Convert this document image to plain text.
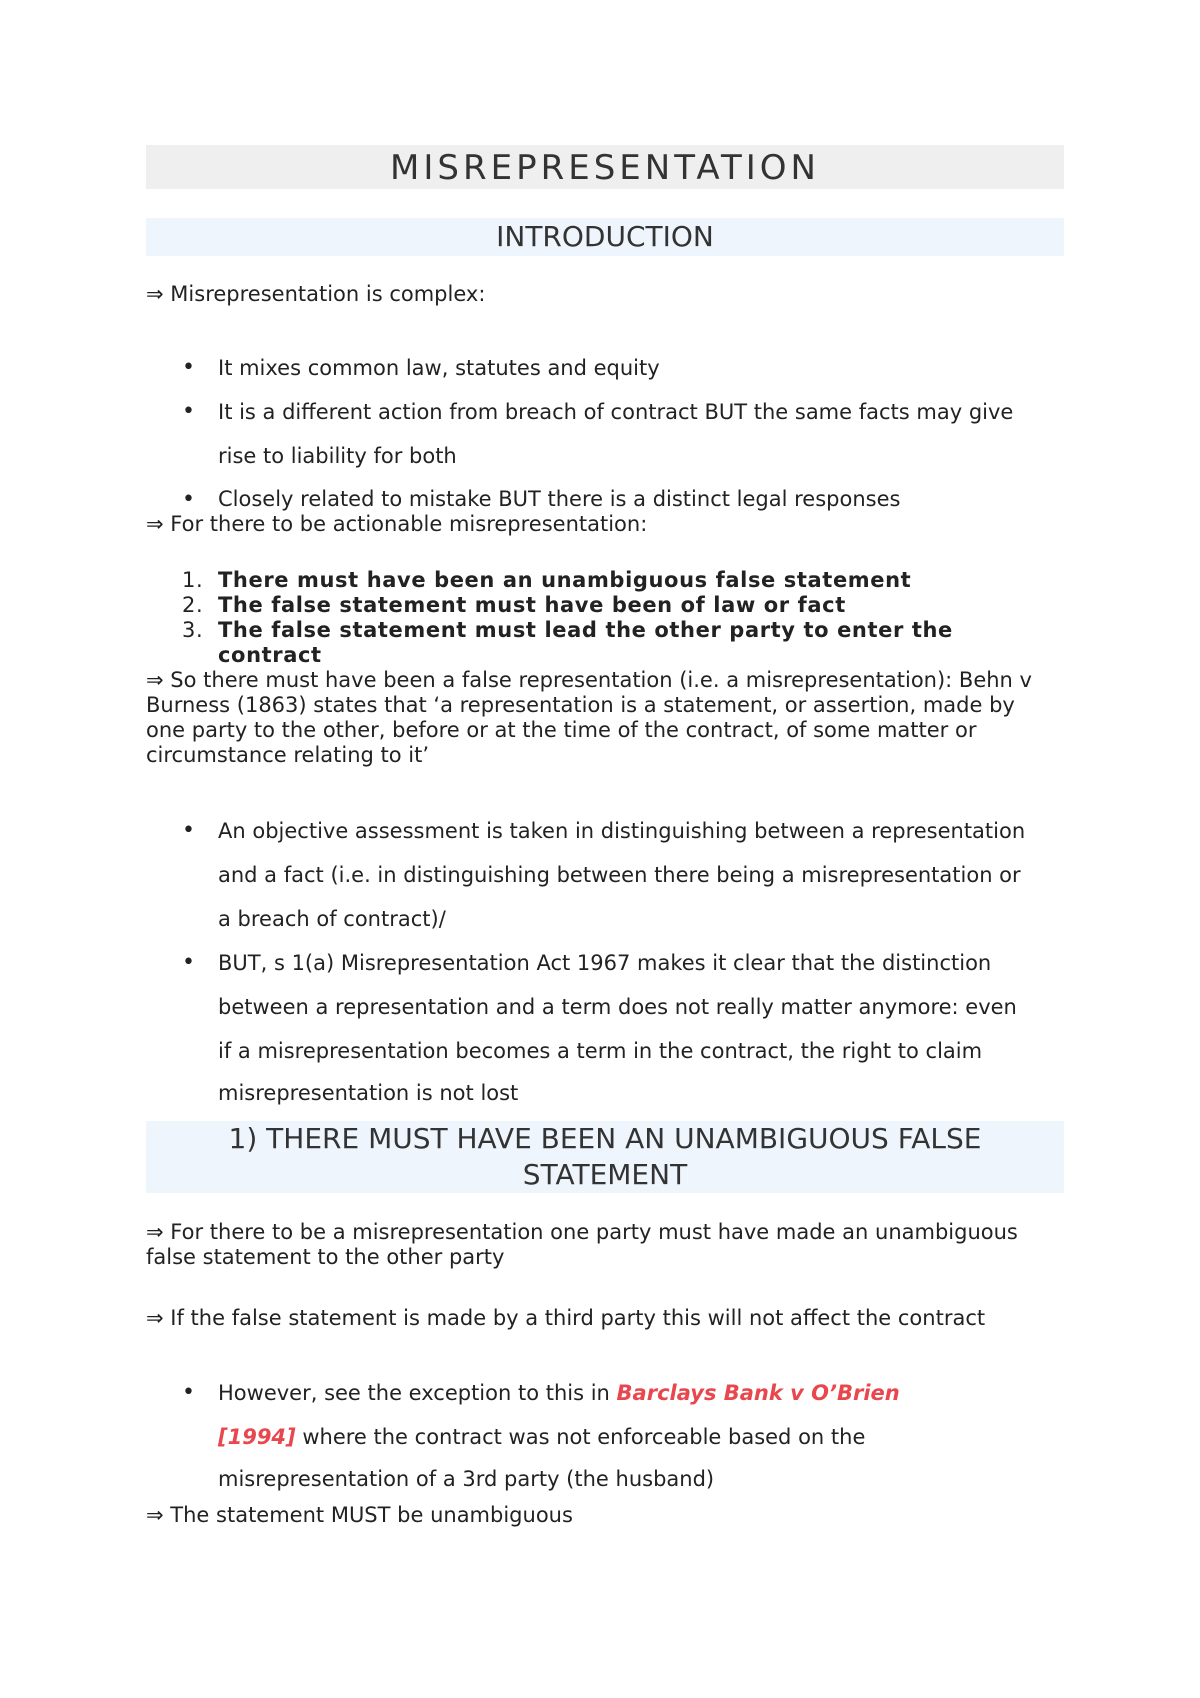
MISREPRESENTATION
INTRODUCTION

⇒ Misrepresentation is complex:

• It mixes common law, statutes and equity
• It is a different action from breach of contract BUT the same facts may give
rise to liability for both
• Closely related to mistake BUT there is a distinct legal responses

⇒ For there to be actionable misrepresentation:

1. There must have been an unambiguous false statement
2. The false statement must have been of law or fact
3. The false statement must lead the other party to enter the contract

⇒ So there must have been a false representation (i.e. a misrepresentation): Behn v
Burness (1863) states that ‘a representation is a statement, or assertion, made by
one party to the other, before or at the time of the contract, of some matter or
circumstance relating to it’

• An objective assessment is taken in distinguishing between a representation
and a fact (i.e. in distinguishing between there being a misrepresentation or
a breach of contract)/
• BUT, s 1(a) Misrepresentation Act 1967 makes it clear that the distinction
between a representation and a term does not really matter anymore: even
if a misrepresentation becomes a term in the contract, the right to claim
misrepresentation is not lost
1) THERE MUST HAVE BEEN AN UNAMBIGUOUS FALSE
STATEMENT

⇒ For there to be a misrepresentation one party must have made an unambiguous
false statement to the other party

⇒ If the false statement is made by a third party this will not affect the contract

• However, see the exception to this in Barclays Bank v O’Brien
[1994] where the contract was not enforceable based on the
misrepresentation of a 3rd party (the husband)

⇒ The statement MUST be unambiguous
